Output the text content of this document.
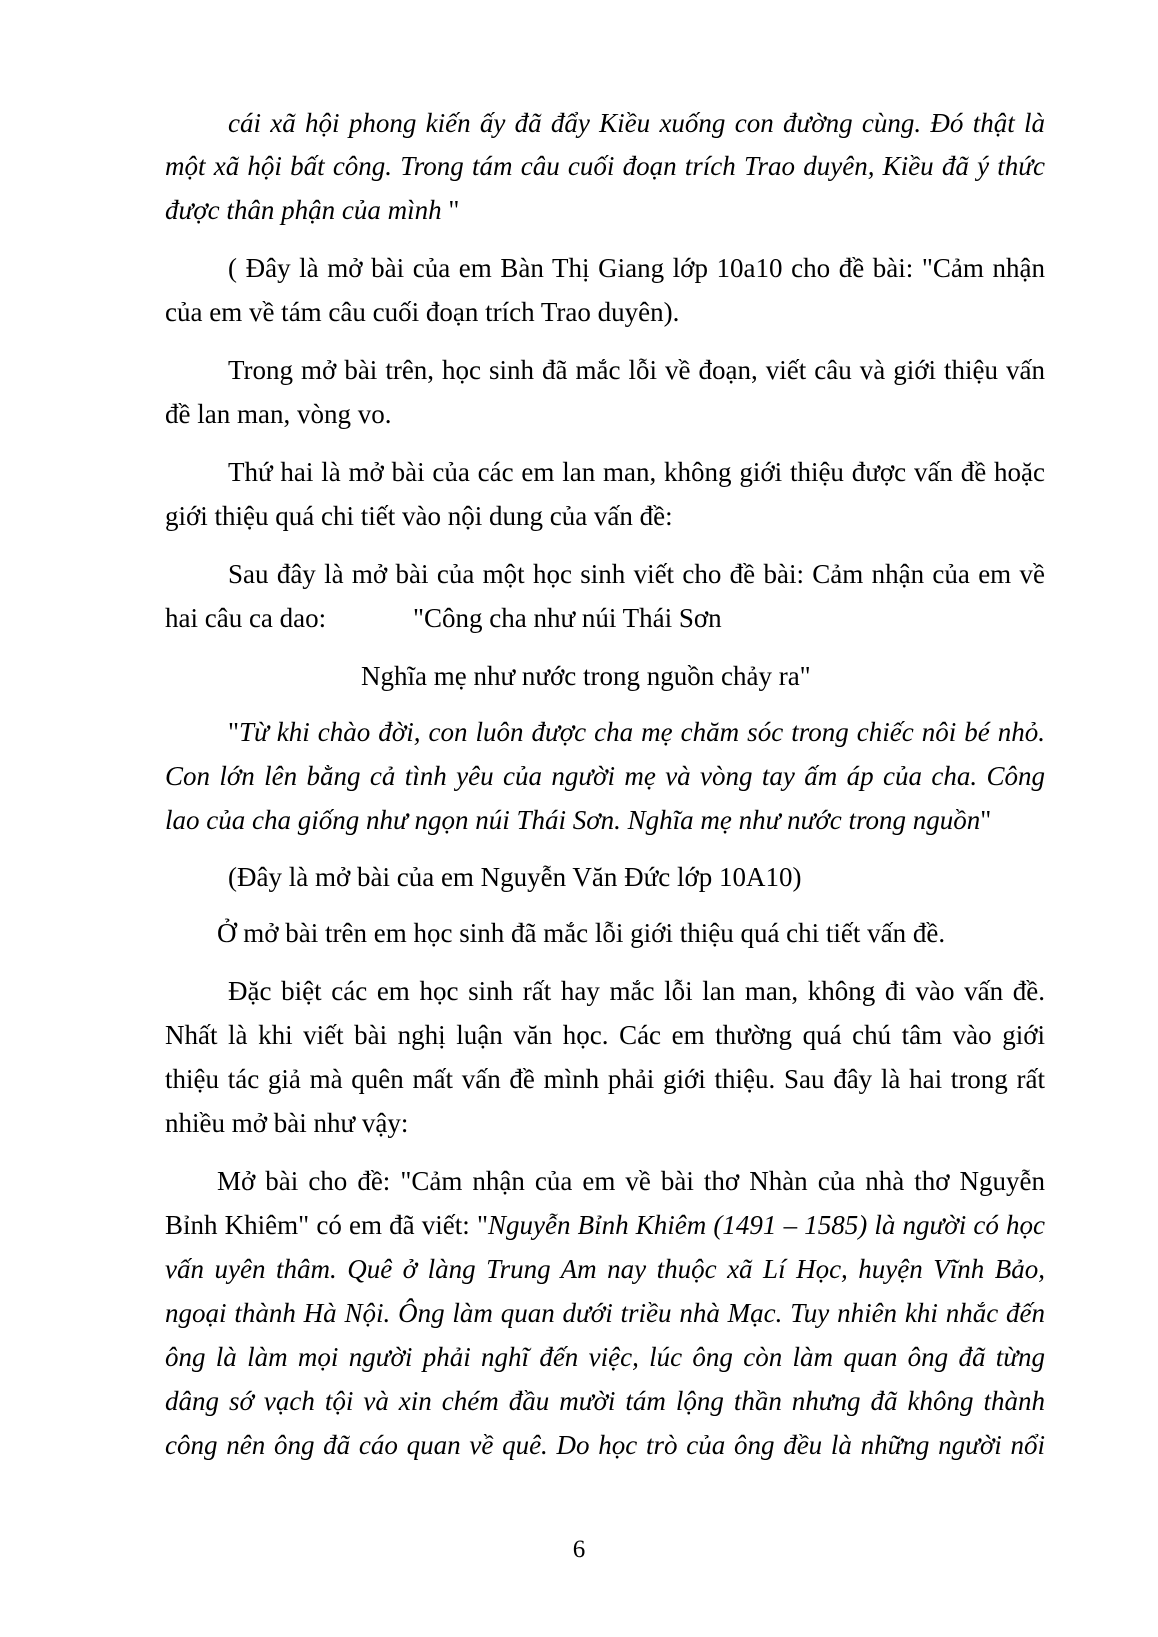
cái xã hội phong kiến ấy đã đẩy Kiều xuống con đường cùng. Đó thật là
một xã hội bất công. Trong tám câu cuối đoạn trích Trao duyên, Kiều đã ý thức
được thân phận của mình "
( Đây là mở bài của em Bàn Thị Giang lớp 10a10 cho đề bài: "Cảm nhận
của em về tám câu cuối đoạn trích Trao duyên).
Trong mở bài trên, học sinh đã mắc lỗi về đoạn, viết câu và giới thiệu vấn
đề lan man, vòng vo.
Thứ hai là mở bài của các em lan man, không giới thiệu được vấn đề hoặc
giới thiệu quá chi tiết vào nội dung của vấn đề:
Sau đây là mở bài của một học sinh viết cho đề bài: Cảm nhận của em về
hai câu ca dao:	"Công cha như núi Thái Sơn
Nghĩa mẹ như nước trong nguồn chảy ra"
"Từ khi chào đời, con luôn được cha mẹ chăm sóc trong chiếc nôi bé nhỏ.
Con lớn lên bằng cả tình yêu của người mẹ và vòng tay ấm áp của cha. Công
lao của cha giống như ngọn núi Thái Sơn. Nghĩa mẹ như nước trong nguồn"
(Đây là mở bài của em Nguyễn Văn Đức lớp 10A10)
Ở mở bài trên em học sinh đã mắc lỗi giới thiệu quá chi tiết vấn đề.
Đặc biệt các em học sinh rất hay mắc lỗi lan man, không đi vào vấn đề.
Nhất là khi viết bài nghị luận văn học. Các em thường quá chú tâm vào giới
thiệu tác giả mà quên mất vấn đề mình phải giới thiệu. Sau đây là hai trong rất
nhiều mở bài như vậy:
Mở bài cho đề: "Cảm nhận của em về bài thơ Nhàn của nhà thơ Nguyễn
Bỉnh Khiêm" có em đã viết: "Nguyễn Bỉnh Khiêm (1491 – 1585) là người có học
vấn uyên thâm. Quê ở làng Trung Am nay thuộc xã Lí Học, huyện Vĩnh Bảo,
ngoại thành Hà Nội. Ông làm quan dưới triều nhà Mạc. Tuy nhiên khi nhắc đến
ông là làm mọi người phải nghĩ đến việc, lúc ông còn làm quan ông đã từng
dâng sớ vạch tội và xin chém đầu mười tám lộng thần nhưng đã không thành
công nên ông đã cáo quan về quê. Do học trò của ông đều là những người nổi
6
